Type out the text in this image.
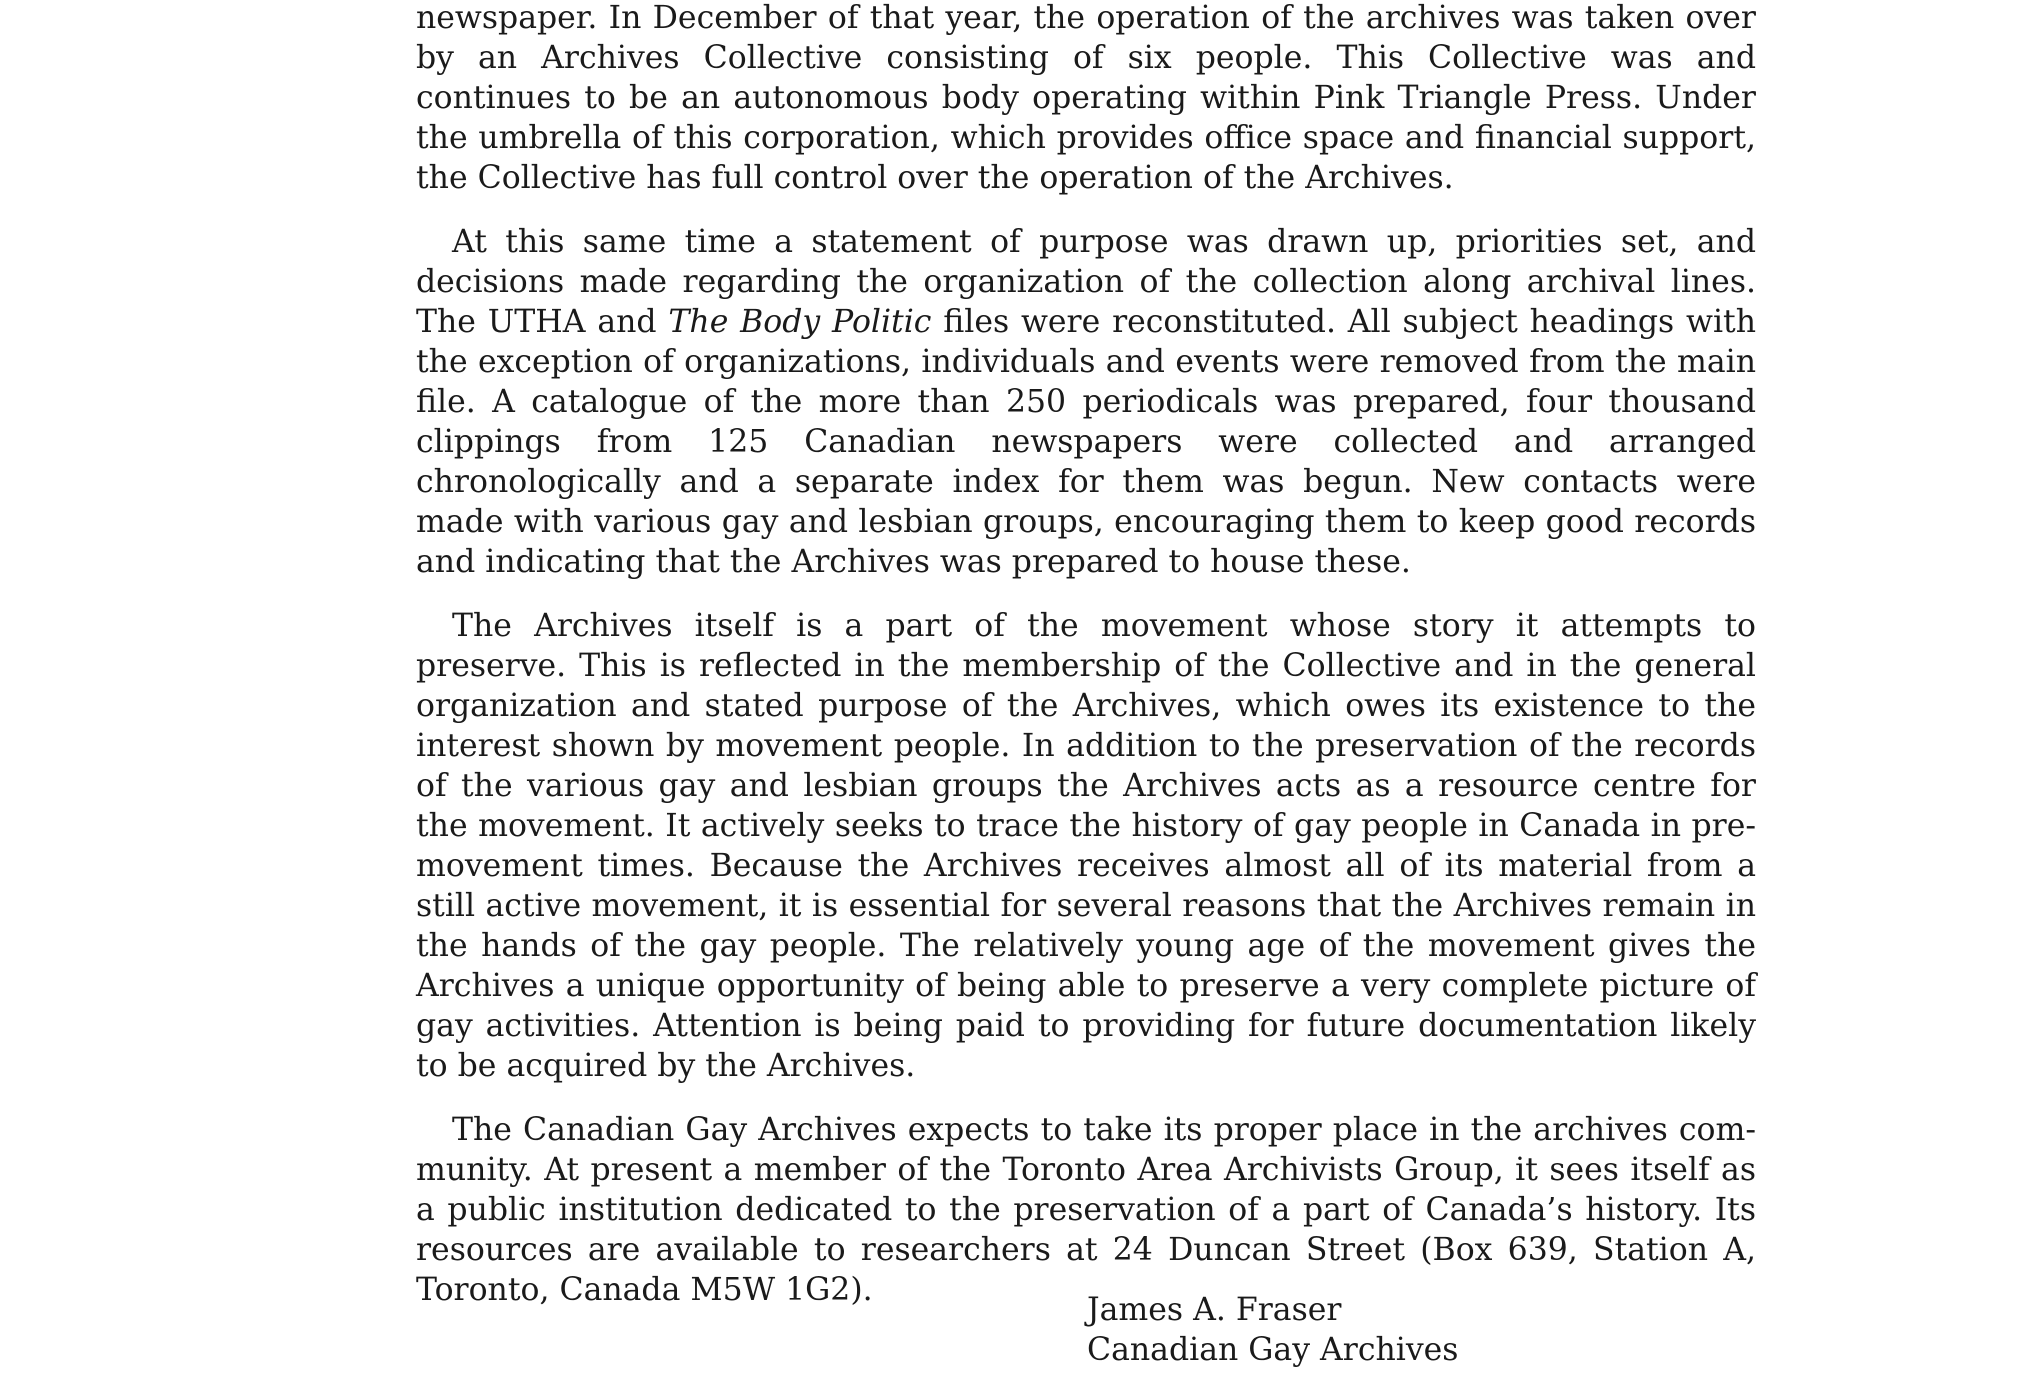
newspaper. In December of that year, the operation of the archives was taken over by an Archives Collective consisting of six people. This Collective was and continues to be an autonomous body operating within Pink Triangle Press. Under the umbrella of this corporation, which provides office space and financial support, the Collective has full control over the operation of the Archives.

At this same time a statement of purpose was drawn up, priorities set, and decisions made regarding the organization of the collection along archival lines. The UTHA and The Body Politic files were reconstituted. All subject headings with the exception of organizations, individuals and events were removed from the main file. A catalogue of the more than 250 periodicals was prepared, four thousand clippings from 125 Canadian newspapers were collected and arranged chronologically and a separate index for them was begun. New contacts were made with various gay and lesbian groups, encouraging them to keep good records and indicating that the Archives was prepared to house these.

The Archives itself is a part of the movement whose story it attempts to preserve. This is reflected in the membership of the Collective and in the general organization and stated purpose of the Archives, which owes its existence to the interest shown by movement people. In addition to the preservation of the records of the various gay and lesbian groups the Archives acts as a resource centre for the movement. It actively seeks to trace the history of gay people in Canada in pre-movement times. Because the Archives receives almost all of its material from a still active movement, it is essential for several reasons that the Archives remain in the hands of the gay people. The relatively young age of the movement gives the Archives a unique opportunity of being able to preserve a very complete picture of gay activities. Attention is being paid to providing for future documentation likely to be acquired by the Archives.

The Canadian Gay Archives expects to take its proper place in the archives community. At present a member of the Toronto Area Archivists Group, it sees itself as a public institution dedicated to the preservation of a part of Canada’s history. Its resources are available to researchers at 24 Duncan Street (Box 639, Station A, Toronto, Canada M5W 1G2).

James A. Fraser
Canadian Gay Archives
